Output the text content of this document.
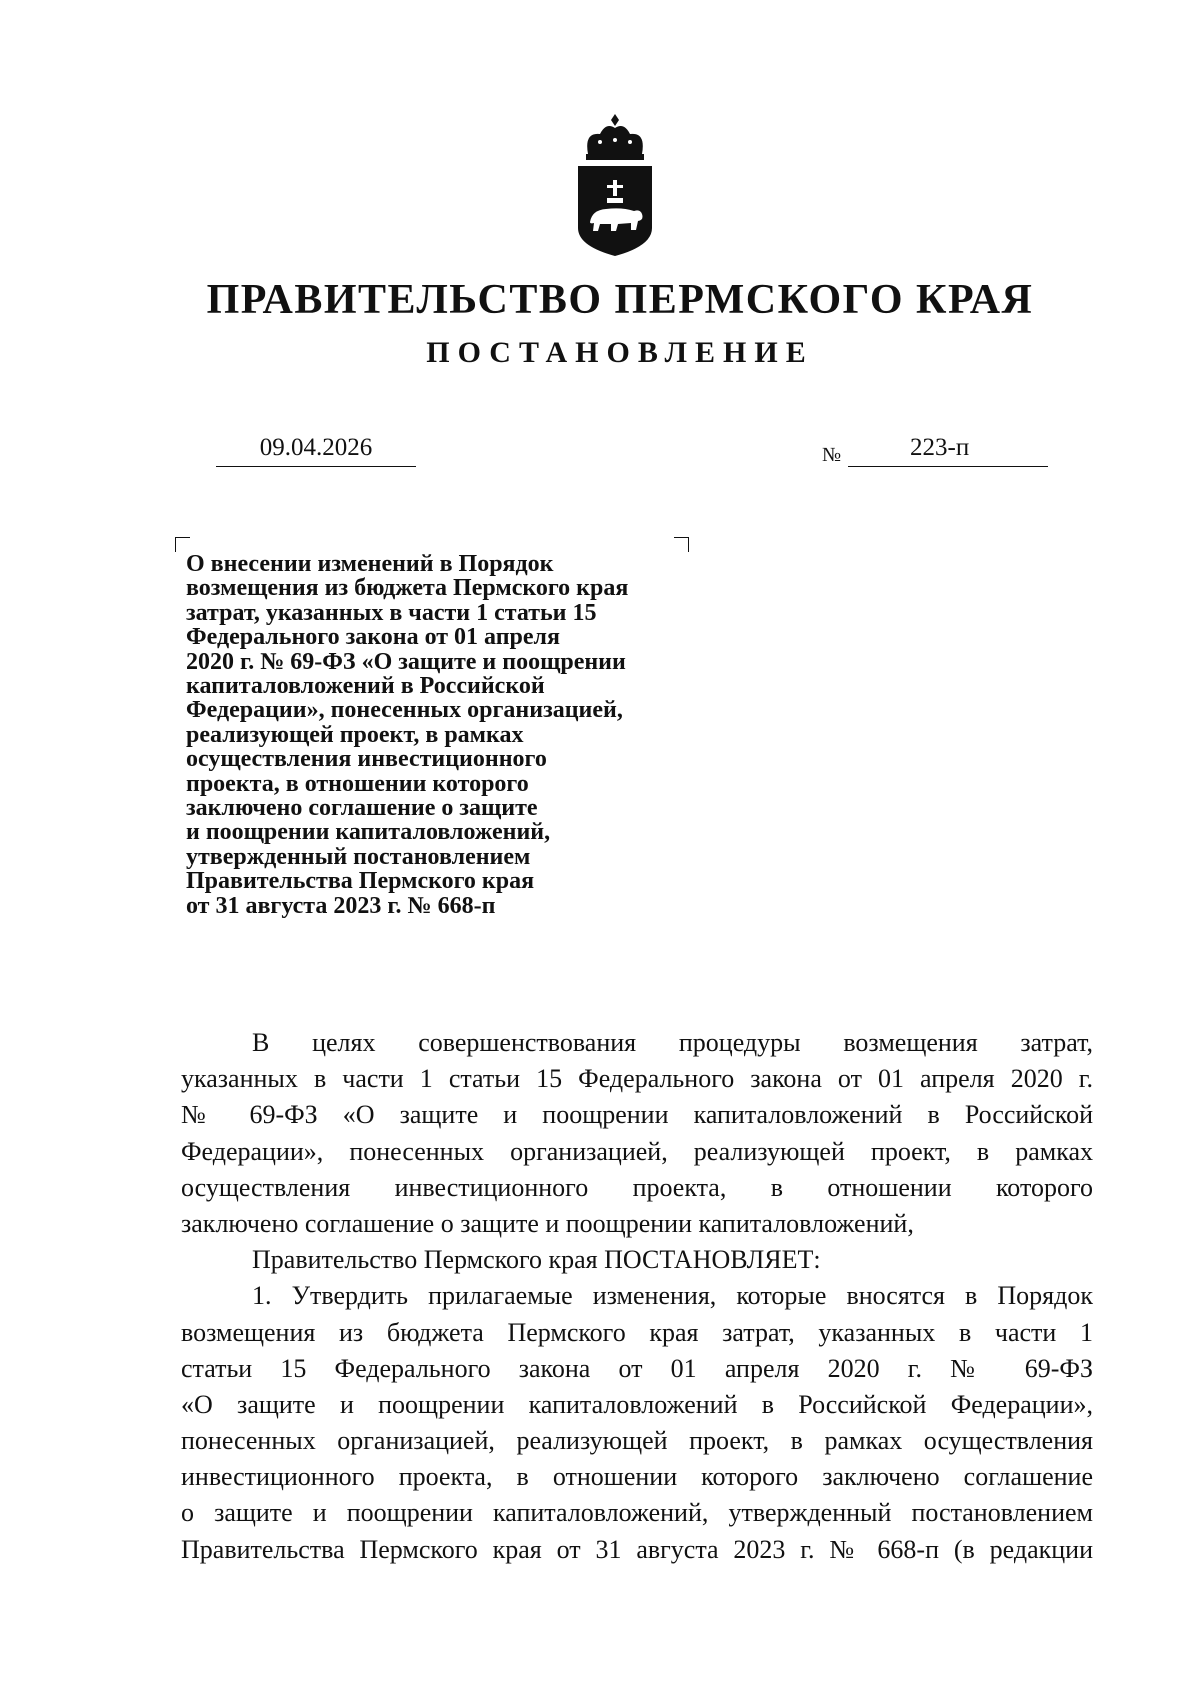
ПРАВИТЕЛЬСТВО ПЕРМСКОГО КРАЯ
ПОСТАНОВЛЕНИЕ
09.04.2026	№	223-п
О внесении изменений в Порядок
возмещения из бюджета Пермского края
затрат, указанных в части 1 статьи 15
Федерального закона от 01 апреля
2020 г. № 69-ФЗ «О защите и поощрении
капиталовложений в Российской
Федерации», понесенных организацией,
реализующей проект, в рамках
осуществления инвестиционного
проекта, в отношении которого
заключено соглашение о защите
и поощрении капиталовложений,
утвержденный постановлением
Правительства Пермского края
от 31 августа 2023 г. № 668-п
В целях совершенствования процедуры возмещения затрат,
указанных в части 1 статьи 15 Федерального закона от 01 апреля 2020 г.
№ 69-ФЗ «О защите и поощрении капиталовложений в Российской
Федерации», понесенных организацией, реализующей проект, в рамках
осуществления инвестиционного проекта, в отношении которого
заключено соглашение о защите и поощрении капиталовложений,
Правительство Пермского края ПОСТАНОВЛЯЕТ:
1. Утвердить прилагаемые изменения, которые вносятся в Порядок
возмещения из бюджета Пермского края затрат, указанных в части 1
статьи 15 Федерального закона от 01 апреля 2020 г. № 69-ФЗ
«О защите и поощрении капиталовложений в Российской Федерации»,
понесенных организацией, реализующей проект, в рамках осуществления
инвестиционного проекта, в отношении которого заключено соглашение
о защите и поощрении капиталовложений, утвержденный постановлением
Правительства Пермского края от 31 августа 2023 г. № 668-п (в редакции
